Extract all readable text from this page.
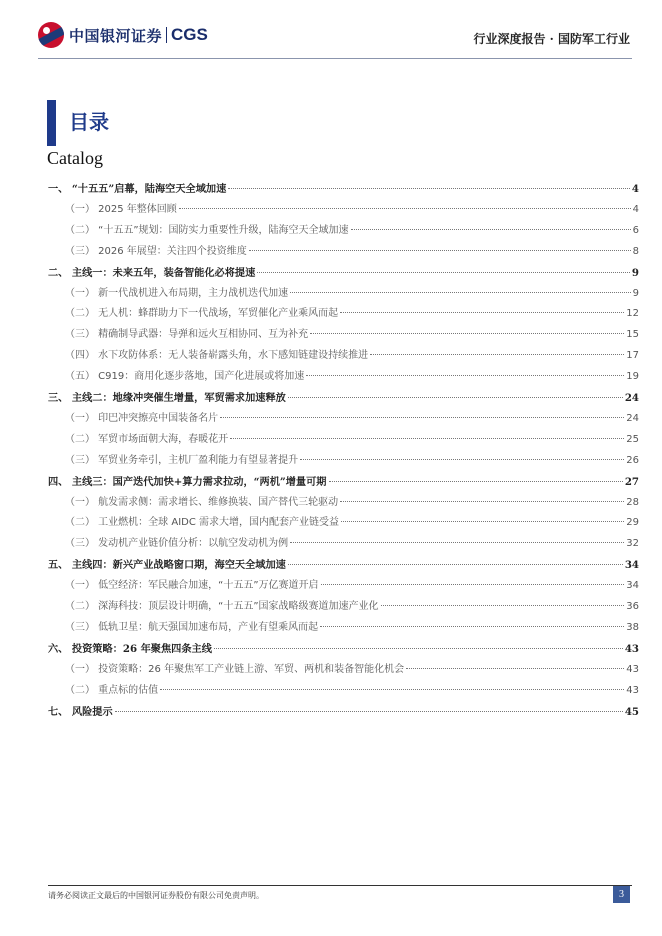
中国银河证券 CGS	行业深度报告 · 国防军工行业
目录
Catalog
一、 “十五五”启幕，陆海空天全域加速	4
（一） 2025 年整体回顾	4
（二） “十五五”规划：国防实力重要性升级，陆海空天全域加速	6
（三） 2026 年展望：关注四个投资维度	8
二、 主线一：未来五年，装备智能化必将提速	9
（一） 新一代战机进入布局期，主力战机迭代加速	9
（二） 无人机：蜂群助力下一代战场，军贸催化产业乘风而起	12
（三） 精确制导武器：导弹和远火互相协同、互为补充	15
（四） 水下攻防体系：无人装备崭露头角，水下感知链建设持续推进	17
（五） C919：商用化逐步落地，国产化进展或将加速	19
三、 主线二：地缘冲突催生增量，军贸需求加速释放	24
（一） 印巴冲突擦亮中国装备名片	24
（二） 军贸市场面朝大海，春暖花开	25
（三） 军贸业务牵引，主机厂盈利能力有望显著提升	26
四、 主线三：国产迭代加快+算力需求拉动，“两机”增量可期	27
（一） 航发需求侧：需求增长、维修换装、国产替代三轮驱动	28
（二） 工业燃机：全球 AIDC 需求大增，国内配套产业链受益	29
（三） 发动机产业链价值分析：以航空发动机为例	32
五、 主线四：新兴产业战略窗口期，海空天全域加速	34
（一） 低空经济：军民融合加速，“十五五”万亿赛道开启	34
（二） 深海科技：顶层设计明确，“十五五”国家战略级赛道加速产业化	36
（三） 低轨卫星：航天强国加速布局，产业有望乘风而起	38
六、 投资策略：26 年聚焦四条主线	43
（一） 投资策略：26 年聚焦军工产业链上游、军贸、两机和装备智能化机会	43
（二） 重点标的估值	43
七、 风险提示	45
请务必阅读正文最后的中国银河证券股份有限公司免责声明。	3
